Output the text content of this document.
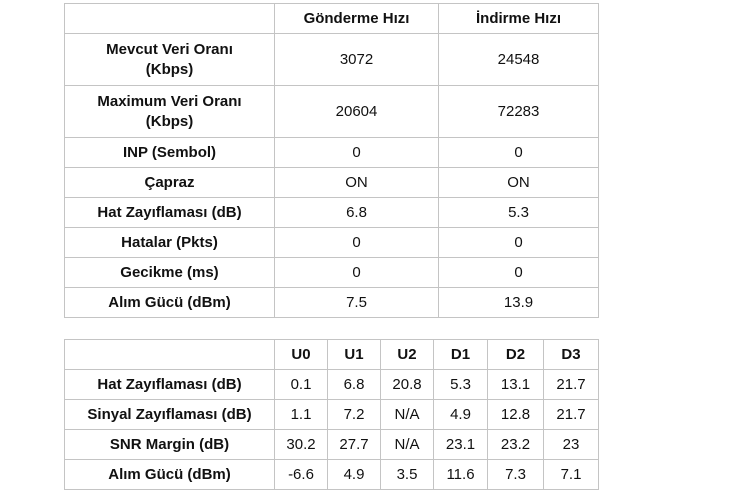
	Gönderme Hızı	İndirme Hızı
Mevcut Veri Oranı
(Kbps)	3072	24548
Maximum Veri Oranı
(Kbps)	20604	72283
INP (Sembol)	0	0
Çapraz	ON	ON
Hat Zayıflaması (dB)	6.8	5.3
Hatalar (Pkts)	0	0
Gecikme (ms)	0	0
Alım Gücü (dBm)	7.5	13.9
	U0	U1	U2	D1	D2	D3
Hat Zayıflaması (dB)	0.1	6.8	20.8	5.3	13.1	21.7
Sinyal Zayıflaması (dB)	1.1	7.2	N/A	4.9	12.8	21.7
SNR Margin (dB)	30.2	27.7	N/A	23.1	23.2	23
Alım Gücü (dBm)	-6.6	4.9	3.5	11.6	7.3	7.1
